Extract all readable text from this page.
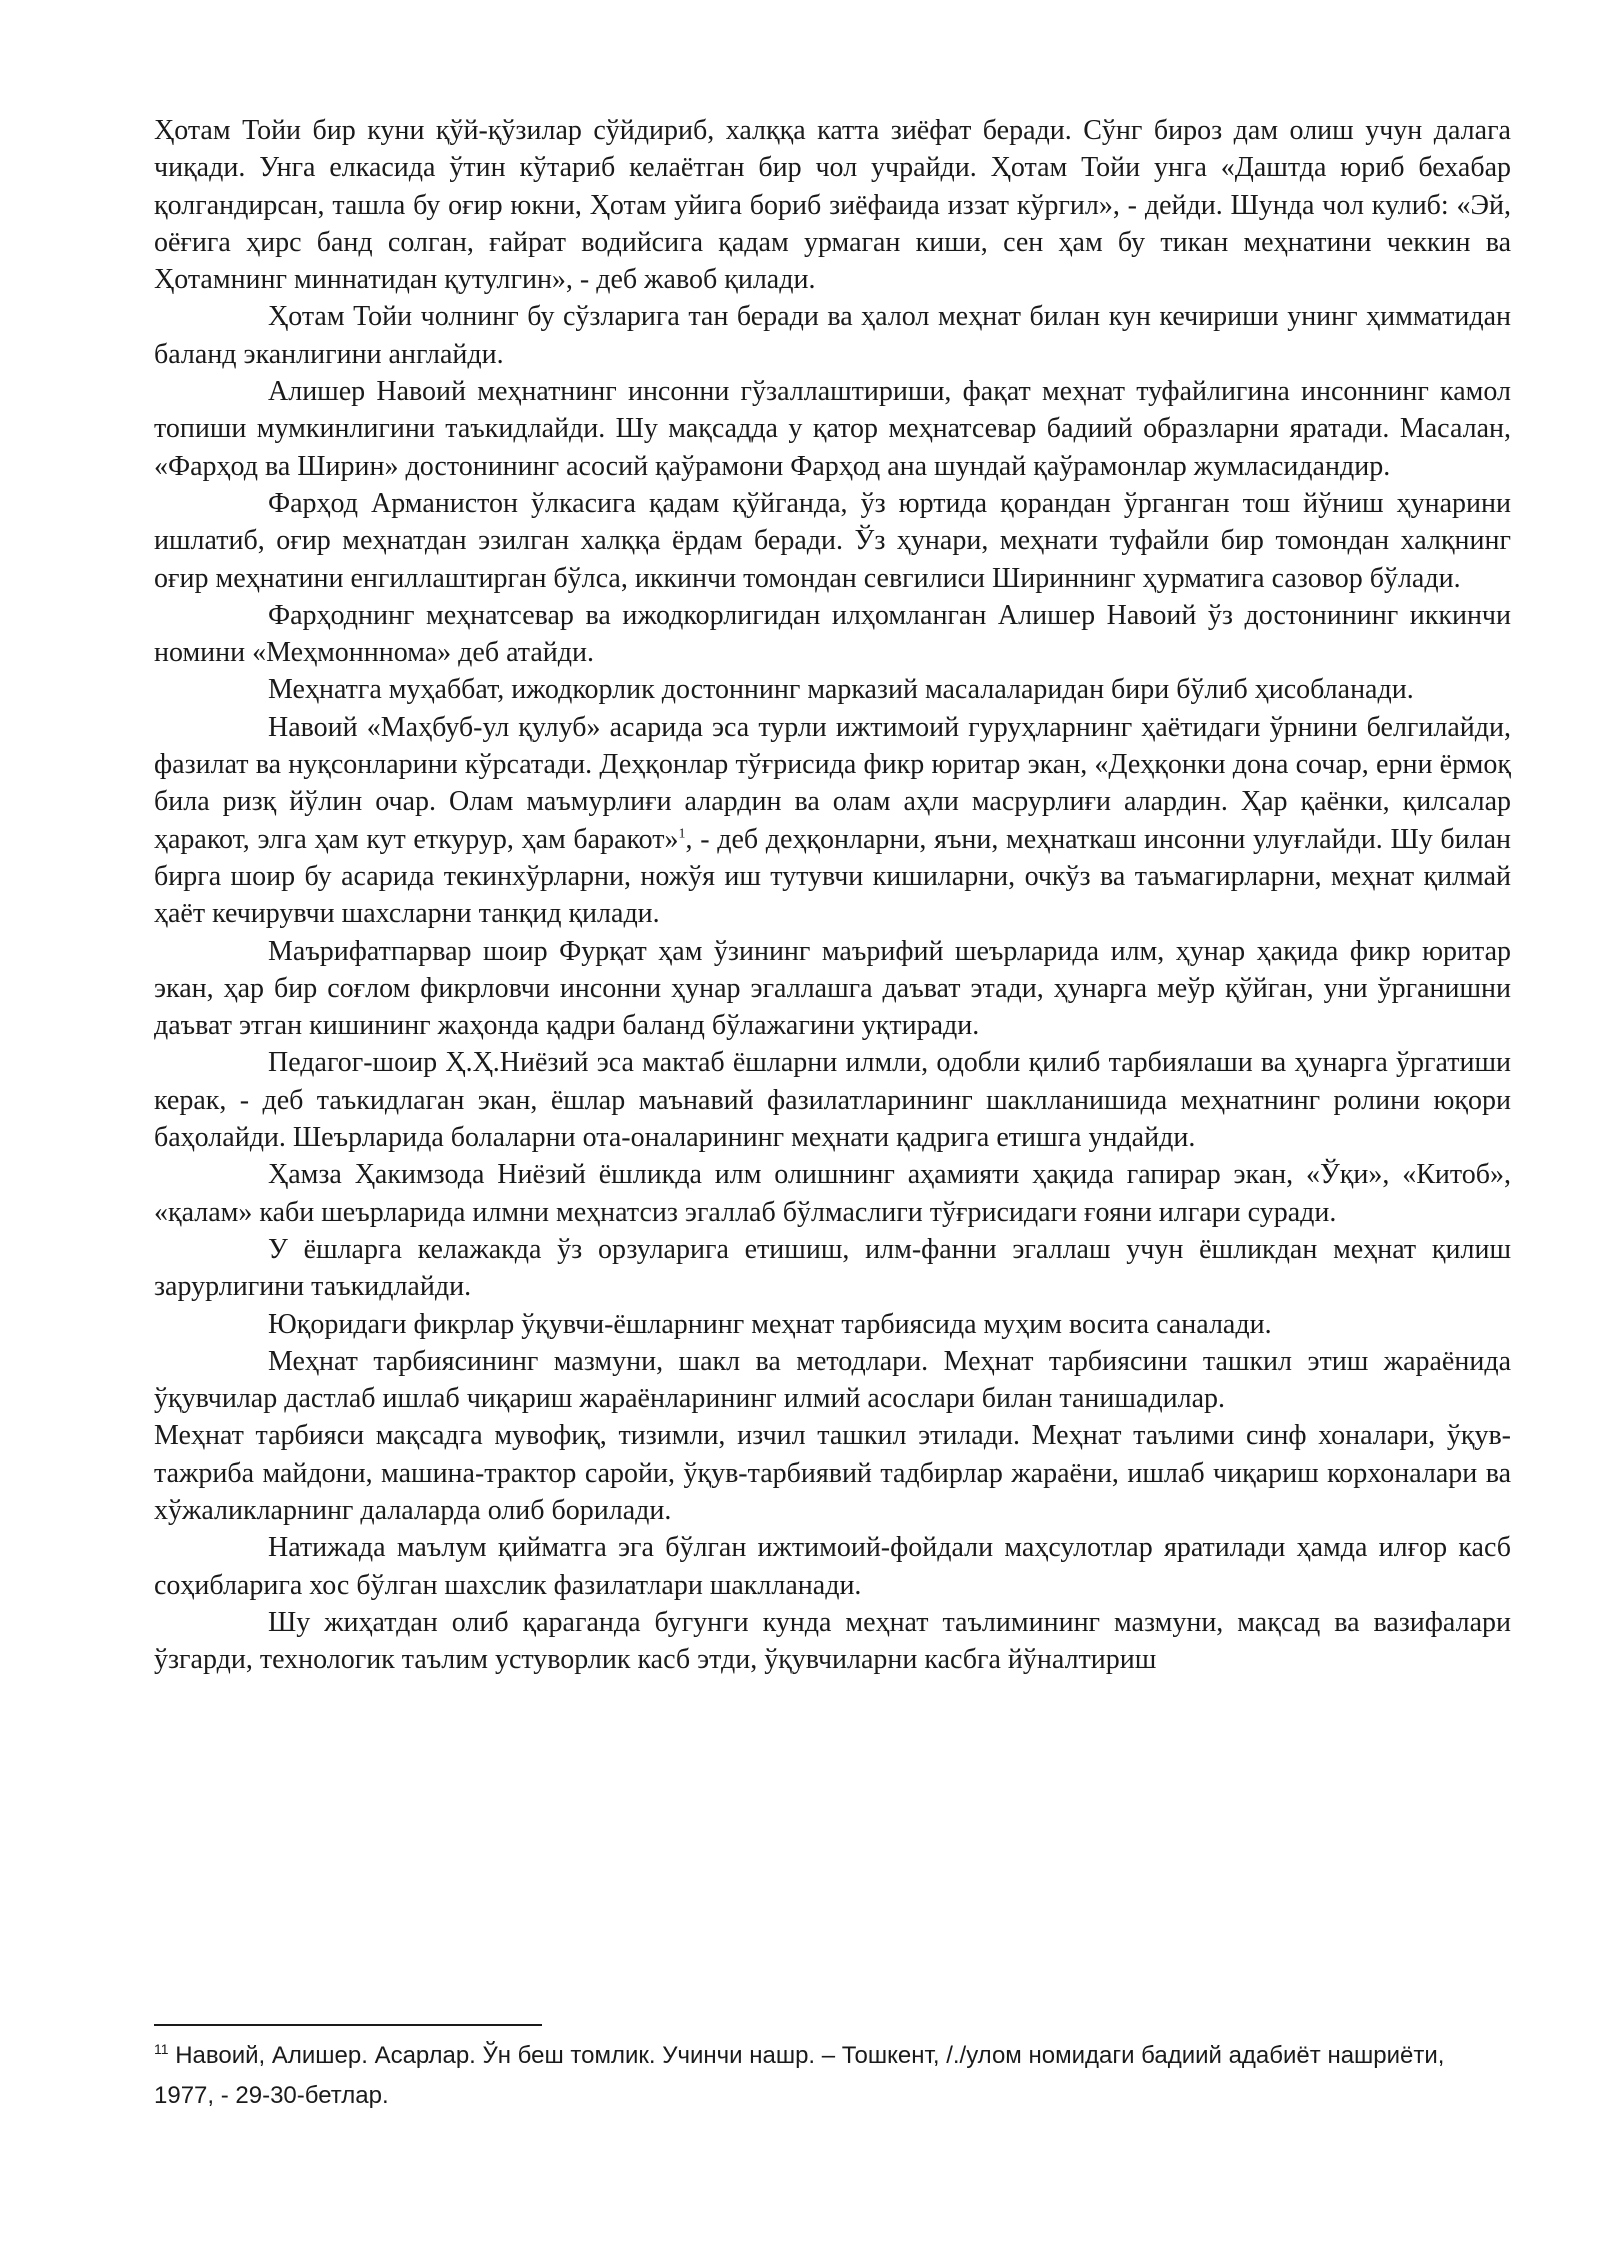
Ҳотам Тойи бир куни қўй-қўзилар сўйдириб, халққа катта зиёфат беради. Сўнг бироз дам олиш учун далага чиқади. Унга елкасида ўтин кўтариб келаётган бир чол учрайди. Ҳотам Тойи унга «Даштда юриб бехабар қолгандирсан, ташла бу оғир юкни, Ҳотам уйига бориб зиёфаида иззат кўргил», - дейди. Шунда чол кулиб: «Эй, оёғига ҳирс банд солган, ғайрат водийсига қадам урмаган киши, сен ҳам бу тикан меҳнатини чеккин ва Ҳотамнинг миннатидан қутулгин», - деб жавоб қилади.

Ҳотам Тойи чолнинг бу сўзларига тан беради ва ҳалол меҳнат билан кун кечириши унинг ҳимматидан баланд эканлигини англайди.

Алишер Навоий меҳнатнинг инсонни гўзаллаштириши, фақат меҳнат туфайлигина инсоннинг камол топиши мумкинлигини таъкидлайди. Шу мақсадда у қатор меҳнатсевар бадиий образларни яратади. Масалан, «Фарҳод ва Ширин» достонининг асосий қаўрамони Фарҳод ана шундай қаўрамонлар жумласидандир.

Фарҳод Арманистон ўлкасига қадам қўйганда, ўз юртида қорандан ўрганган тош йўниш ҳунарини ишлатиб, оғир меҳнатдан эзилган халққа ёрдам беради. Ўз ҳунари, меҳнати туфайли бир томондан халқнинг оғир меҳнатини енгиллаштирган бўлса, иккинчи томондан севгилиси Шириннинг ҳурматига сазовор бўлади.

Фарҳоднинг меҳнатсевар ва ижодкорлигидан илҳомланган Алишер Навоий ўз достонининг иккинчи номини «Меҳмонннома» деб атайди.

Меҳнатга муҳаббат, ижодкорлик достоннинг марказий масалаларидан бири бўлиб ҳисобланади.

Навоий «Маҳбуб-ул қулуб» асарида эса турли ижтимоий гуруҳларнинг ҳаётидаги ўрнини белгилайди, фазилат ва нуқсонларини кўрсатади. Деҳқонлар тўғрисида фикр юритар экан, «Деҳқонки дона сочар, ерни ёрмоқ била ризқ йўлин очар. Олам маъмурлиғи алардин ва олам аҳли масрурлиғи алардин. Ҳар қаёнки, қилсалар ҳаракот, элга ҳам кут еткурур, ҳам баракот»$^1$, - деб деҳқонларни, яъни, меҳнаткаш инсонни улуғлайди. Шу билан бирга шоир бу асарида текинхўрларни, ножўя иш тутувчи кишиларни, очкўз ва таъмагирларни, меҳнат қилмай ҳаёт кечирувчи шахсларни танқид қилади.

Маърифатпарвар шоир Фурқат ҳам ўзининг маърифий шеърларида илм, ҳунар ҳақида фикр юритар экан, ҳар бир соғлом фикрловчи инсонни ҳунар эгаллашга даъват этади, ҳунарга меўр қўйган, уни ўрганишни даъват этган кишининг жаҳонда қадри баланд бўлажагини уқтиради.

Педагог-шоир Ҳ.Ҳ.Ниёзий эса мактаб ёшларни илмли, одобли қилиб тарбиялаши ва ҳунарга ўргатиши керак, - деб таъкидлаган экан, ёшлар маънавий фазилатларининг шаклланишида меҳнатнинг ролини юқори баҳолайди. Шеърларида болаларни ота-оналарининг меҳнати қадрига етишга ундайди.

Ҳамза Ҳакимзода Ниёзий ёшликда илм олишнинг аҳамияти ҳақида гапирар экан, «Ўқи», «Китоб», «қалам» каби шеърларида илмни меҳнатсиз эгаллаб бўлмаслиги тўғрисидаги ғояни илгари суради.

У ёшларга келажакда ўз орзуларига етишиш, илм-фанни эгаллаш учун ёшликдан меҳнат қилиш зарурлигини таъкидлайди.

Юқоридаги фикрлар ўқувчи-ёшларнинг меҳнат тарбиясида муҳим восита саналади.

Меҳнат тарбиясининг мазмуни, шакл ва методлари. Меҳнат тарбиясини ташкил этиш жараёнида ўқувчилар дастлаб ишлаб чиқариш жараёнларининг илмий асослари билан танишадилар.

Меҳнат тарбияси мақсадга мувофиқ, тизимли, изчил ташкил этилади. Меҳнат таълими синф хоналари, ўқув-тажриба майдони, машина-трактор саройи, ўқув-тарбиявий тадбирлар жараёни, ишлаб чиқариш корхоналари ва хўжаликларнинг далаларда олиб борилади.

Натижада маълум қийматга эга бўлган ижтимоий-фойдали маҳсулотлар яратилади ҳамда илғор касб соҳибларига хос бўлган шахслик фазилатлари шаклланади.

Шу жиҳатдан олиб қараганда бугунги кунда меҳнат таълимининг мазмуни, мақсад ва вазифалари ўзгарди, технологик таълим устуворлик касб этди, ўқувчиларни касбга йўналтириш

$^{11}$ Навоий, Алишер. Асарлар. Ўн беш томлик. Учинчи нашр. – Тошкент, /./улом номидаги бадиий адабиёт нашриёти, 1977, - 29-30-бетлар.
